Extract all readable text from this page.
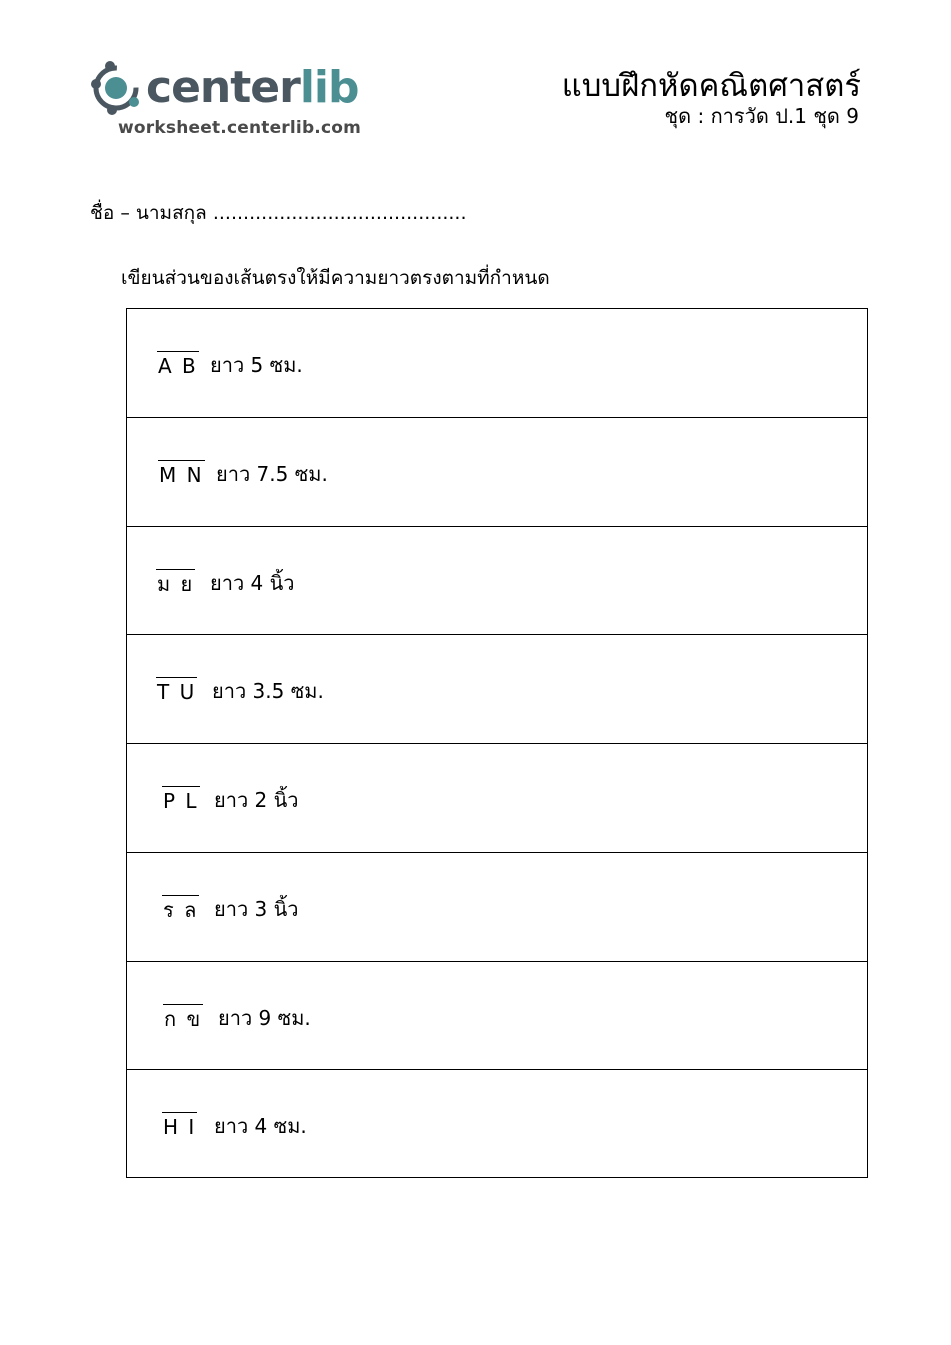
centerlib
worksheet.centerlib.com
แบบฝึกหัดคณิตศาสตร์
ชุด : การวัด ป.1 ชุด 9
ชื่อ – นามสกุล ..........................................
เขียนส่วนของเส้นตรงให้มีความยาวตรงตามที่กำหนด
A B ยาว 5 ซม.
M N ยาว 7.5 ซม.
ม ย ยาว 4 นิ้ว
T U ยาว 3.5 ซม.
P L ยาว 2 นิ้ว
ร ล ยาว 3 นิ้ว
ก ข ยาว 9 ซม.
H I ยาว 4 ซม.
